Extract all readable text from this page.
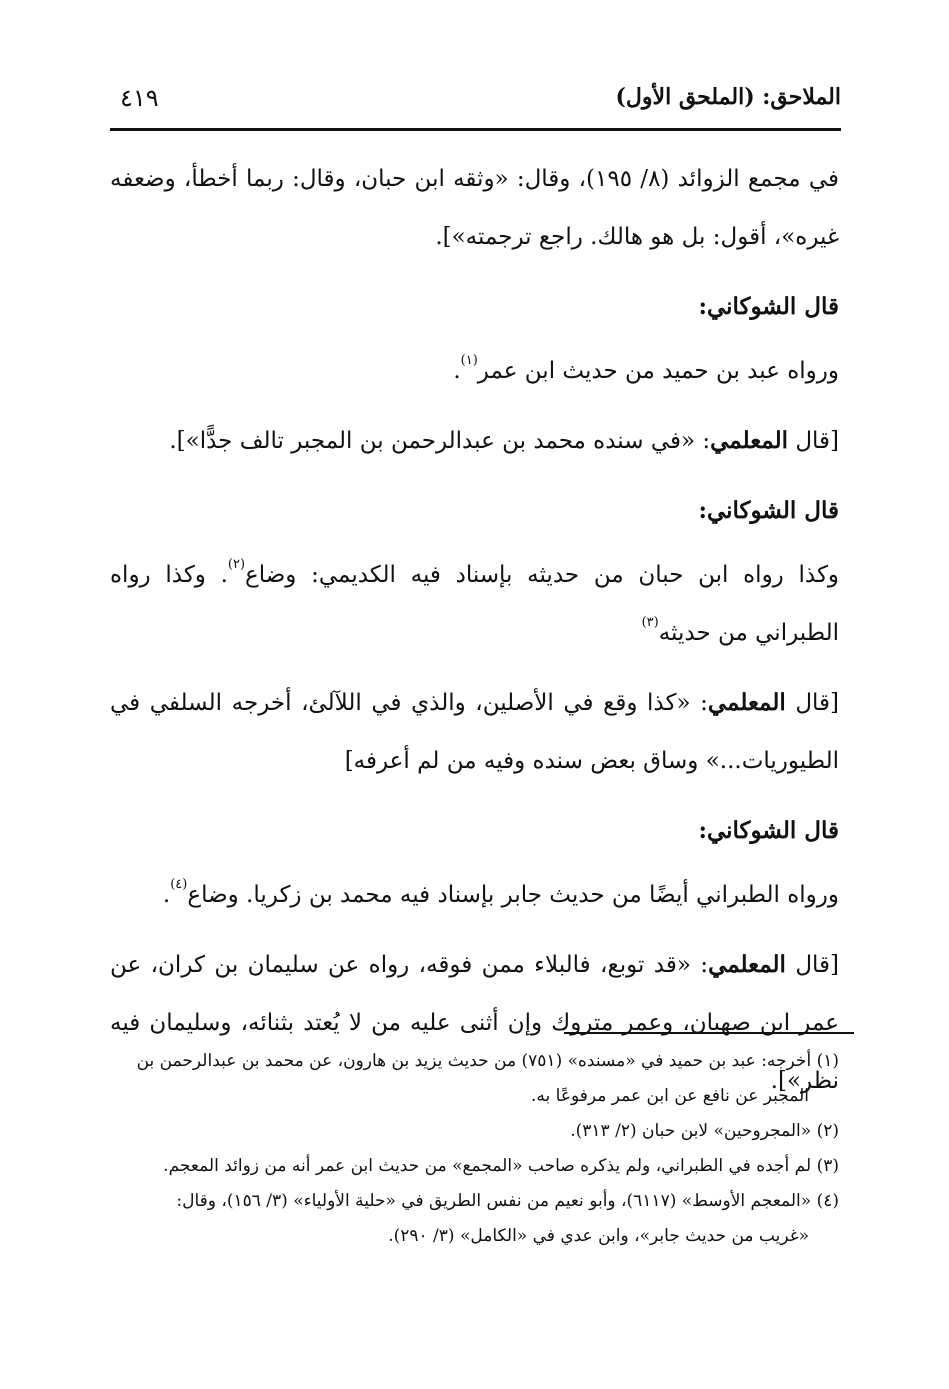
الملاحق: (الملحق الأول)
٤١٩

في مجمع الزوائد (٨/ ١٩٥)، وقال: «وثقه ابن حبان، وقال: ربما أخطأ، وضعفه غيره»، أقول: بل هو هالك. راجع ترجمته»].

قال الشوكاني:

ورواه عبد بن حميد من حديث ابن عمر$^{(١)}$.

[قال المعلمي: «في سنده محمد بن عبدالرحمن بن المجبر تالف جدًّا»].

قال الشوكاني:

وكذا رواه ابن حبان من حديثه بإسناد فيه الكديمي: وضاع$^{(٢)}$. وكذا رواه الطبراني من حديثه$^{(٣)}$

[قال المعلمي: «كذا وقع في الأصلين، والذي في اللآلئ، أخرجه السلفي في الطيوريات...» وساق بعض سنده وفيه من لم أعرفه]

قال الشوكاني:

ورواه الطبراني أيضًا من حديث جابر بإسناد فيه محمد بن زكريا. وضاع$^{(٤)}$.

[قال المعلمي: «قد توبع، فالبلاء ممن فوقه، رواه عن سليمان بن كران، عن عمر ابن صهبان، وعمر متروك وإن أثنى عليه من لا يُعتد بثنائه، وسليمان فيه نظر»].

(١) أخرجه: عبد بن حميد في «مسنده» (٧٥١) من حديث يزيد بن هارون، عن محمد بن عبدالرحمن بن
المجبر عن نافع عن ابن عمر مرفوعًا به.

(٢) «المجروحين» لابن حبان (٢/ ٣١٣).

(٣) لم أجده في الطبراني، ولم يذكره صاحب «المجمع» من حديث ابن عمر أنه من زوائد المعجم.

(٤) «المعجم الأوسط» (٦١١٧)، وأبو نعيم من نفس الطريق في «حلية الأولياء» (٣/ ١٥٦)، وقال:
«غريب من حديث جابر»، وابن عدي في «الكامل» (٣/ ٢٩٠).
